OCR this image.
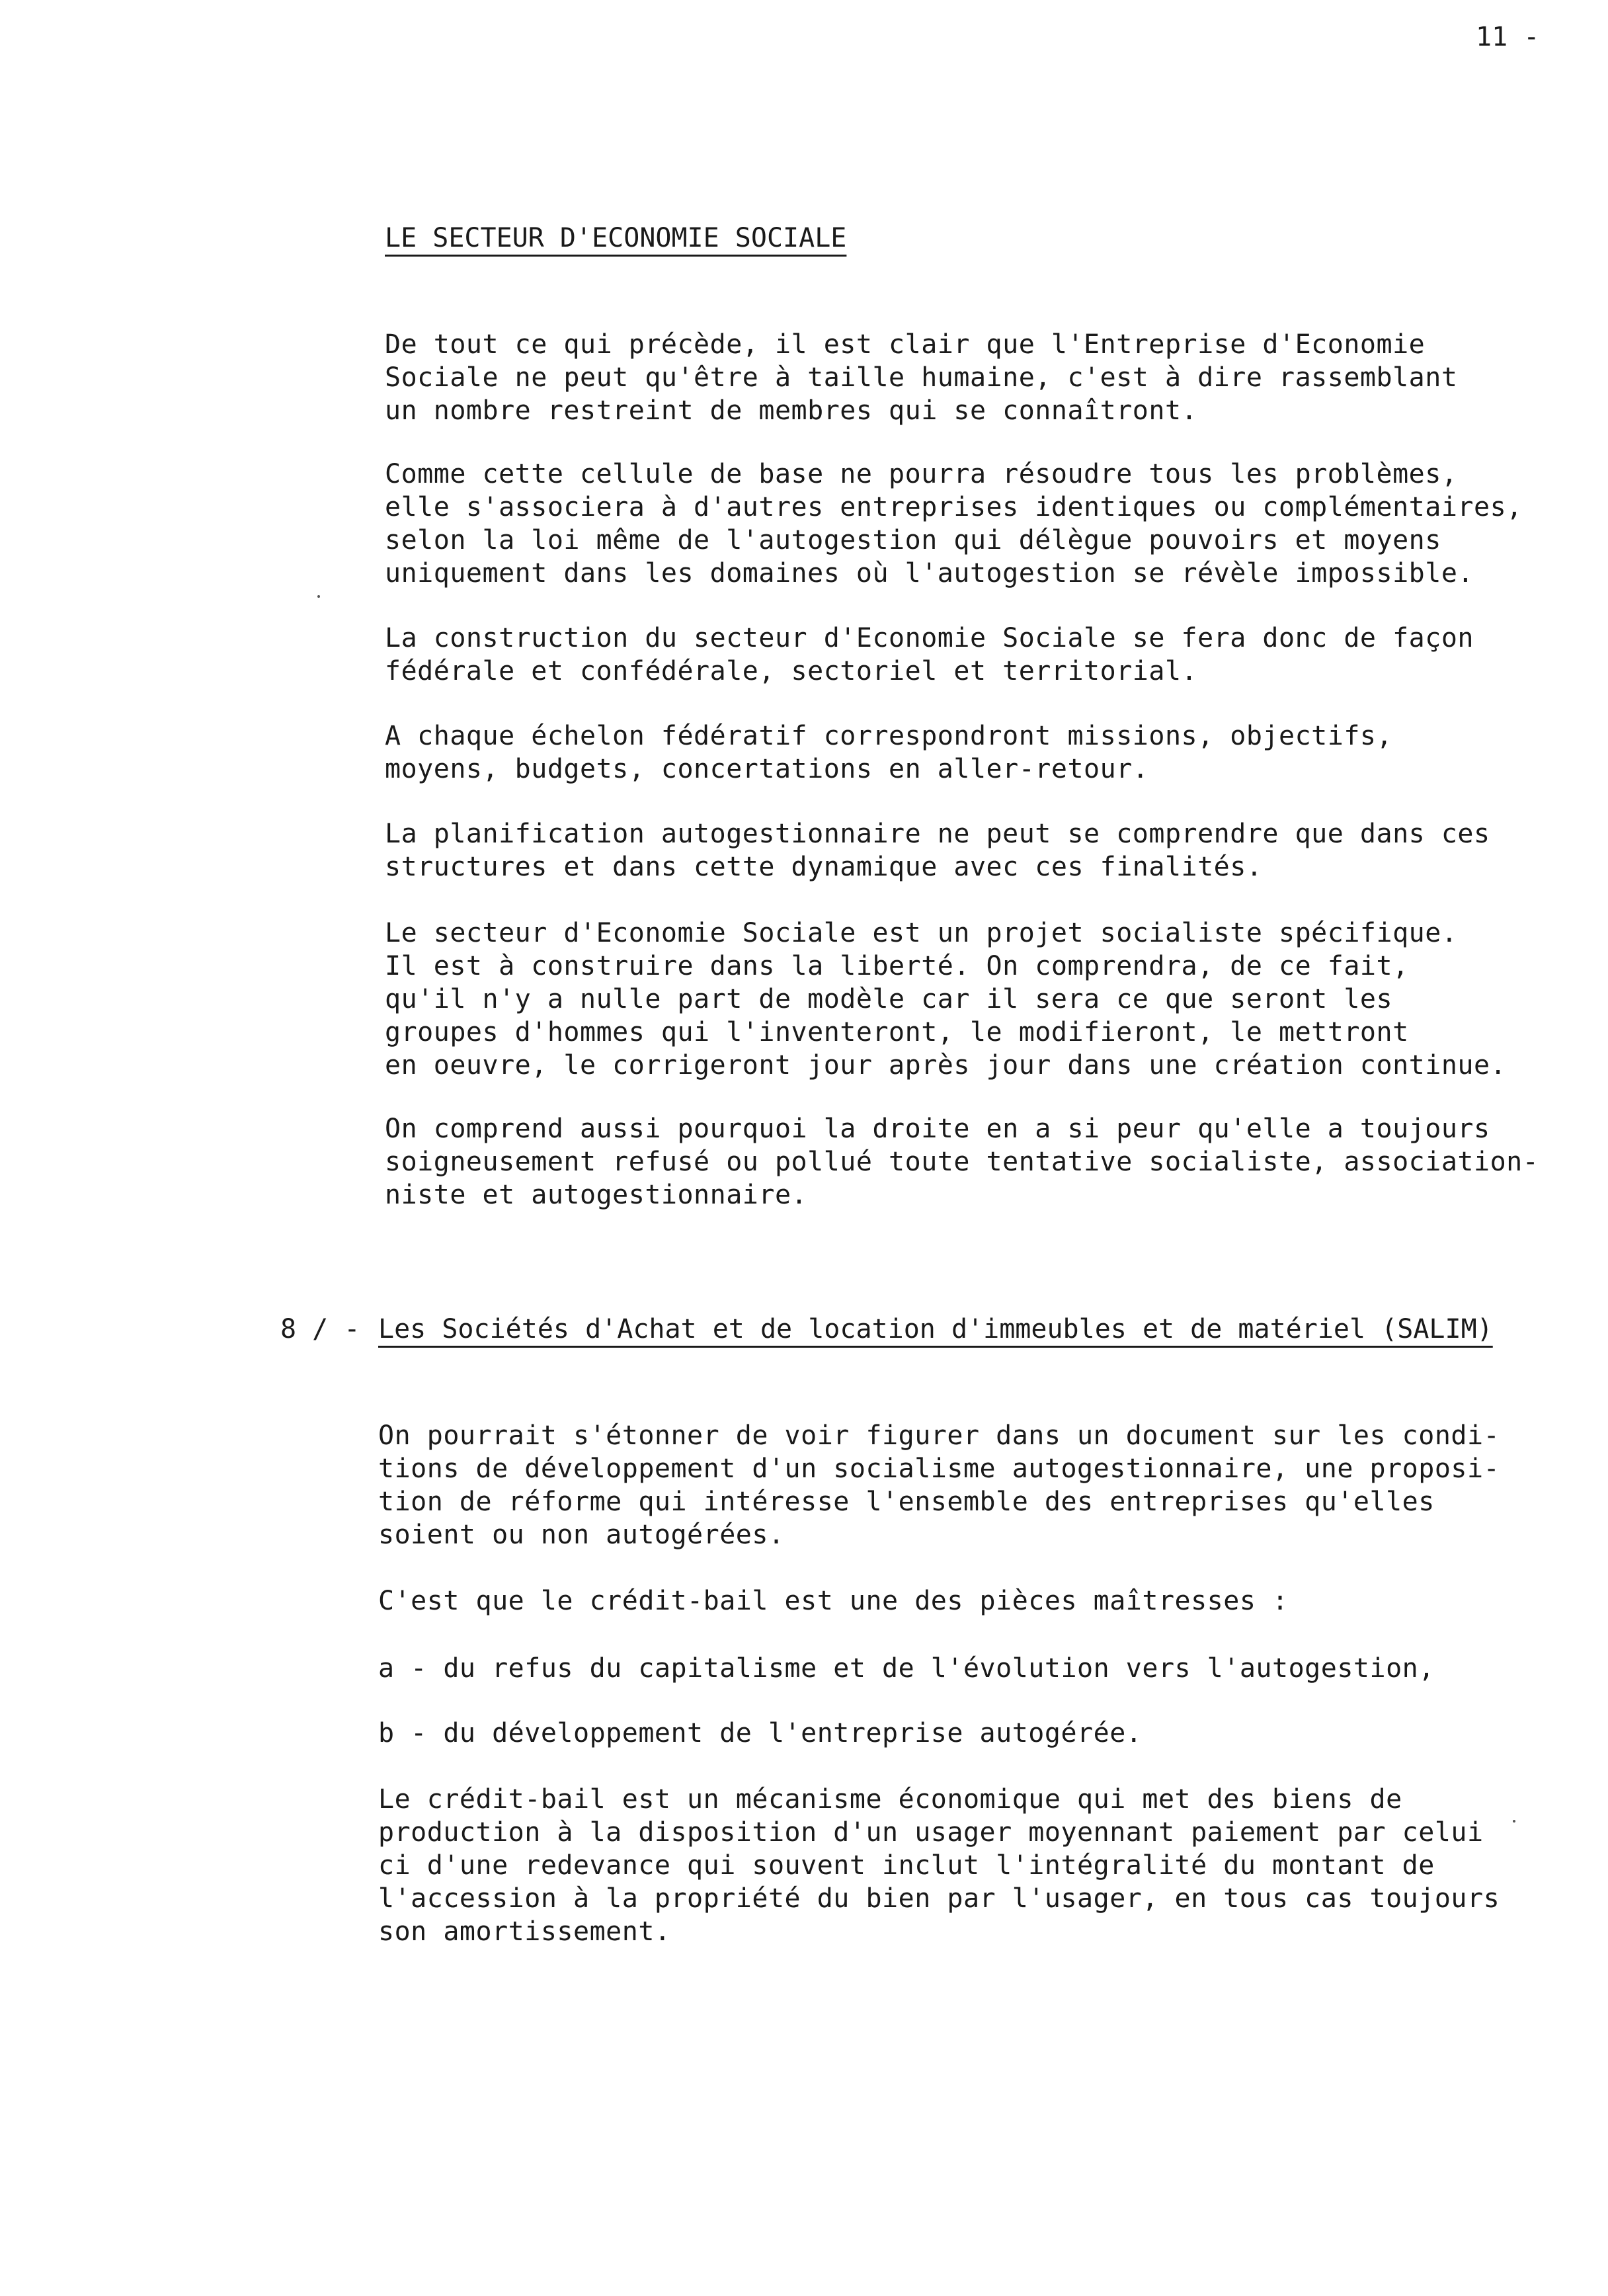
11 -
LE SECTEUR D'ECONOMIE SOCIALE
De tout ce qui précède, il est clair que l'Entreprise d'Economie
Sociale ne peut qu'être à taille humaine, c'est à dire rassemblant
un nombre restreint de membres qui se connaîtront.
Comme cette cellule de base ne pourra résoudre tous les problèmes,
elle s'associera à d'autres entreprises identiques ou complémentaires,
selon la loi même de l'autogestion qui délègue pouvoirs et moyens
uniquement dans les domaines où l'autogestion se révèle impossible.
La construction du secteur d'Economie Sociale se fera donc de façon
fédérale et confédérale, sectoriel et territorial.
A chaque échelon fédératif correspondront missions, objectifs,
moyens, budgets, concertations en aller-retour.
La planification autogestionnaire ne peut se comprendre que dans ces
structures et dans cette dynamique avec ces finalités.
Le secteur d'Economie Sociale est un projet socialiste spécifique.
Il est à construire dans la liberté. On comprendra, de ce fait,
qu'il n'y a nulle part de modèle car il sera ce que seront les
groupes d'hommes qui l'inventeront, le modifieront, le mettront
en oeuvre, le corrigeront jour après jour dans une création continue.
On comprend aussi pourquoi la droite en a si peur qu'elle a toujours
soigneusement refusé ou pollué toute tentative socialiste, association-
niste et autogestionnaire.
8 / - Les Sociétés d'Achat et de location d'immeubles et de matériel (SALIM)
On pourrait s'étonner de voir figurer dans un document sur les condi-
tions de développement d'un socialisme autogestionnaire, une proposi-
tion de réforme qui intéresse l'ensemble des entreprises qu'elles
soient ou non autogérées.
C'est que le crédit-bail est une des pièces maîtresses :
a - du refus du capitalisme et de l'évolution vers l'autogestion,
b - du développement de l'entreprise autogérée.
Le crédit-bail est un mécanisme économique qui met des biens de
production à la disposition d'un usager moyennant paiement par celui
ci d'une redevance qui souvent inclut l'intégralité du montant de
l'accession à la propriété du bien par l'usager, en tous cas toujours
son amortissement.
